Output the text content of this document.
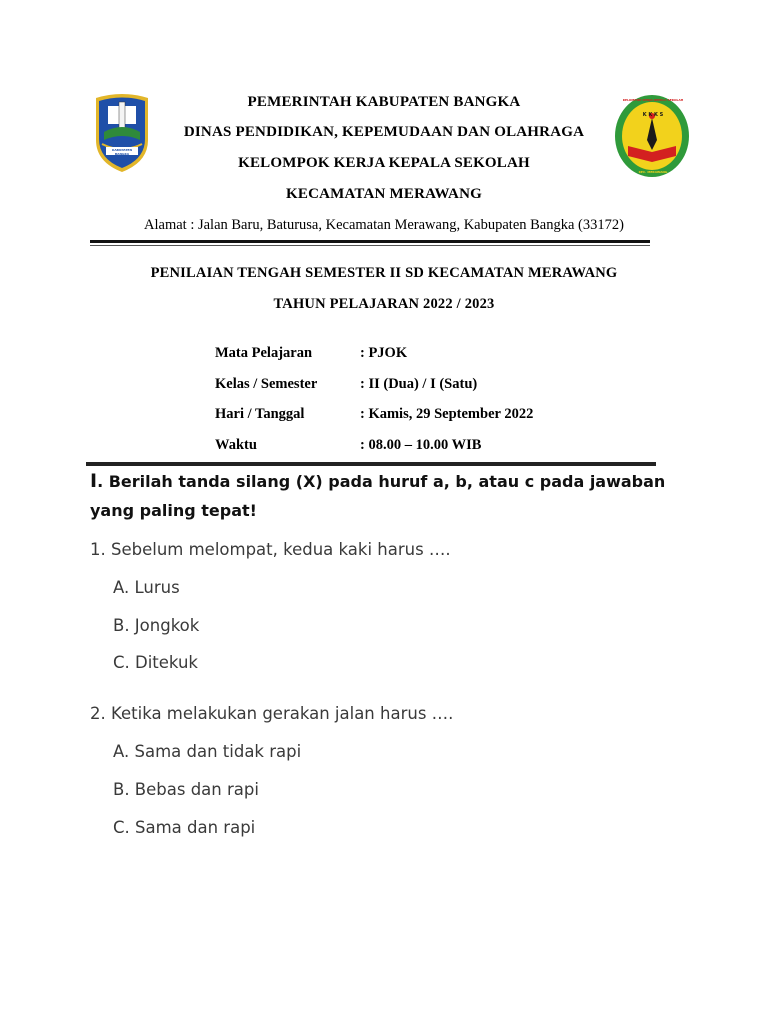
KABUPATEN BANGKA
K K K S
KELOMPOK KERJA KEPALA SEKOLAH
KEC. MERAWANG
PEMERINTAH KABUPATEN BANGKA
DINAS PENDIDIKAN, KEPEMUDAAN DAN OLAHRAGA
KELOMPOK KERJA KEPALA SEKOLAH
KECAMATAN MERAWANG
Alamat : Jalan Baru, Baturusa, Kecamatan Merawang, Kabupaten Bangka (33172)
PENILAIAN TENGAH SEMESTER II SD KECAMATAN MERAWANG
TAHUN PELAJARAN 2022 / 2023
Mata Pelajaran	: PJOK
Kelas / Semester	: II (Dua) / I (Satu)
Hari / Tanggal	: Kamis, 29 September 2022
Waktu	: 08.00 – 10.00 WIB
I. Berilah tanda silang (X) pada huruf a, b, atau c pada jawaban
yang paling tepat!
1. Sebelum melompat, kedua kaki harus ….
A. Lurus
B. Jongkok
C. Ditekuk
2. Ketika melakukan gerakan jalan harus ….
A. Sama dan tidak rapi
B. Bebas dan rapi
C. Sama dan rapi
